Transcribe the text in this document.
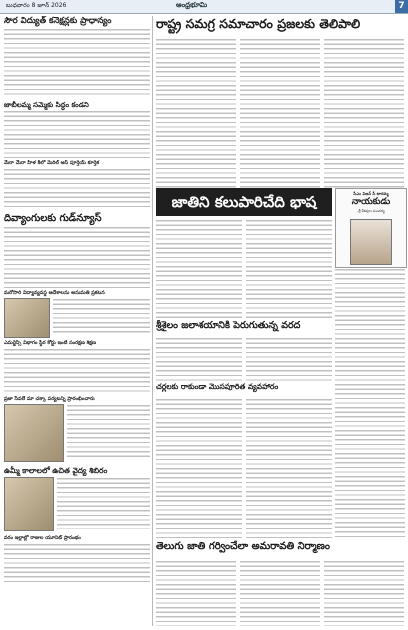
బుధవారం 8 జూన్ 2026	ఆంధ్రభూమి	7
సౌర విద్యుత్ కనెక్షన్లకు ప్రాధాన్యం
జాబీలమ్మ సమ్మెకు సిద్ధం కండని
మేరా మేరా హిళ కిలో మెరిల్ ఆస్ పూర్తెయ్ కూర్తెక
దివ్యాంగులకు గుడ్‌న్యూస్
మరోసారి విద్యావ్యవస్థ ఆదేశాలను అనుమతి ప్రకటన
ఎమర్జెన్సీ విభాగం స్థిర కోర్టు ఇంటి సంరక్షణ శిక్షణ
ప్రజా సేవలే మా చక్కా పర్యటన్ని ప్రారంభించారు
ఉమ్మీ కాలాలలో ఉచిత వైద్య శిబిరం
వరం ఇల్లాల్లో రాజుల యూనిట్ ప్రారంభం
రాష్ట్ర సమగ్ర సమాచారం ప్రజలకు తెలిపాలి
జాతిని కలుపారిచేది భాష	సీఎం విజన్ సీ టారమ్మ
నాయకుడు
-శ్రీ కేశవుల సుందర్య
శ్రీశైలం జలాశయానికి పెరుగుతున్న వరద
చర్లలకు రాకుండా మొసపూరిత వ్యవహారం
తెలుగు జాతి గర్వించేలా అమరావతి నిర్మాణం
